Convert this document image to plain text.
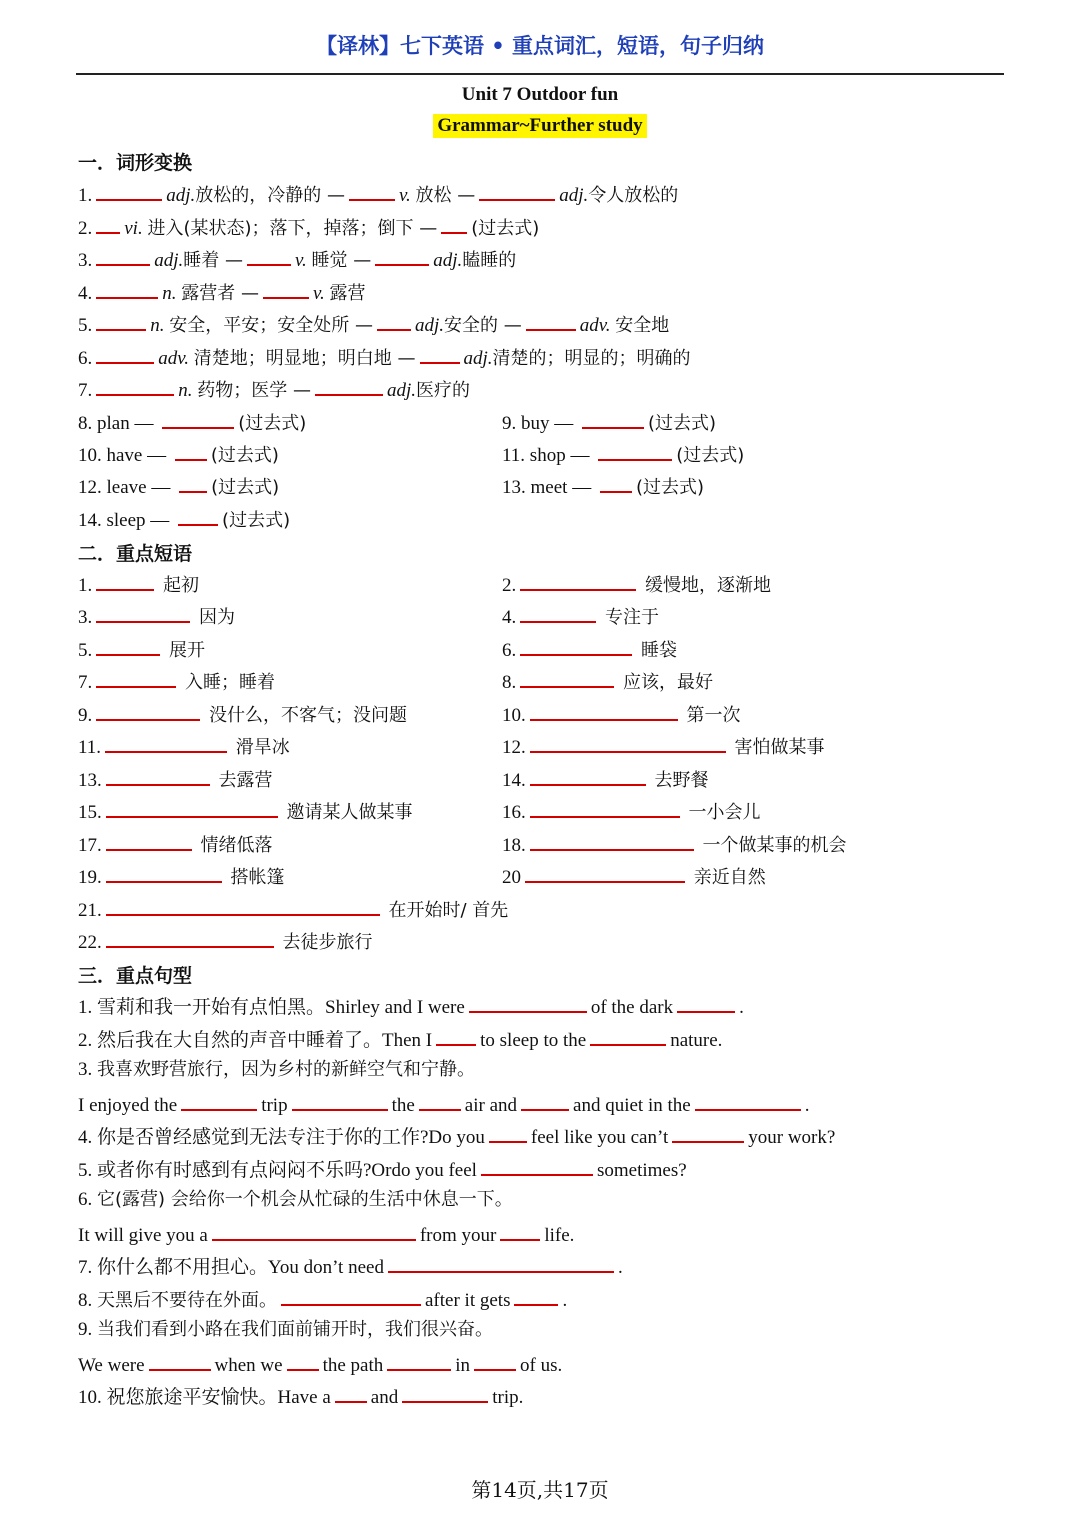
【译林】七下英语 • 重点词汇，短语，句子归纳
Unit 7 Outdoor fun
Grammar~Further study
一．词形变换
1.	adj.放松的，冷静的 —	v. 放松 —	adj.令人放松的
2. vi. 进入(某状态)；落下，掉落；倒下 — (过去式)
3.	adj.睡着 —	v. 睡觉 —	adj.瞌睡的
4.	n. 露营者 —	v. 露营
5.	n. 安全，平安；安全处所 — adj.安全的 —	adv. 安全地
6.	adv. 清楚地；明显地；明白地 —	adj.清楚的；明显的；明确的
7.	n. 药物；医学 —	adj.医疗的
8. plan —	(过去式)	9. buy —	(过去式)
10. have — (过去式)	11. shop —	(过去式)
12. leave — (过去式)	13. meet — (过去式)
14. sleep —	(过去式)
二．重点短语
1.	起初	2.	缓慢地，逐渐地
3.	因为	4.	专注于
5.	展开	6.	睡袋
7.	入睡；睡着	8.	应该，最好
9.	没什么，不客气；没问题	10.	第一次
11.	滑旱冰	12.	害怕做某事
13.	去露营	14.	去野餐
15.	邀请某人做某事	16.	一小会儿
17.	情绪低落	18.	一个做某事的机会
19.	搭帐篷	20	亲近自然
21.	在开始时/ 首先
22.	去徒步旅行
三．重点句型
1. 雪莉和我一开始有点怕黑。Shirley and I were	of the dark	.
2. 然后我在大自然的声音中睡着了。Then I	to sleep to the	nature.
3. 我喜欢野营旅行，因为乡村的新鲜空气和宁静。
I enjoyed the	trip	the	air and	and quiet in the	.
4. 你是否曾经感觉到无法专注于你的工作?Do you feel like you can’t	your work?
5. 或者你有时感到有点闷闷不乐吗?Ordo you feel	sometimes?
6. 它(露营) 会给你一个机会从忙碌的生活中休息一下。
It will give you a	from your	life.
7. 你什么都不用担心。You don’t need	.
8. 天黑后不要待在外面。	after it gets	.
9. 当我们看到小路在我们面前铺开时，我们很兴奋。
We were	when we the path	in	of us.
10. 祝您旅途平安愉快。Have a and	trip.
第14页,共17页
